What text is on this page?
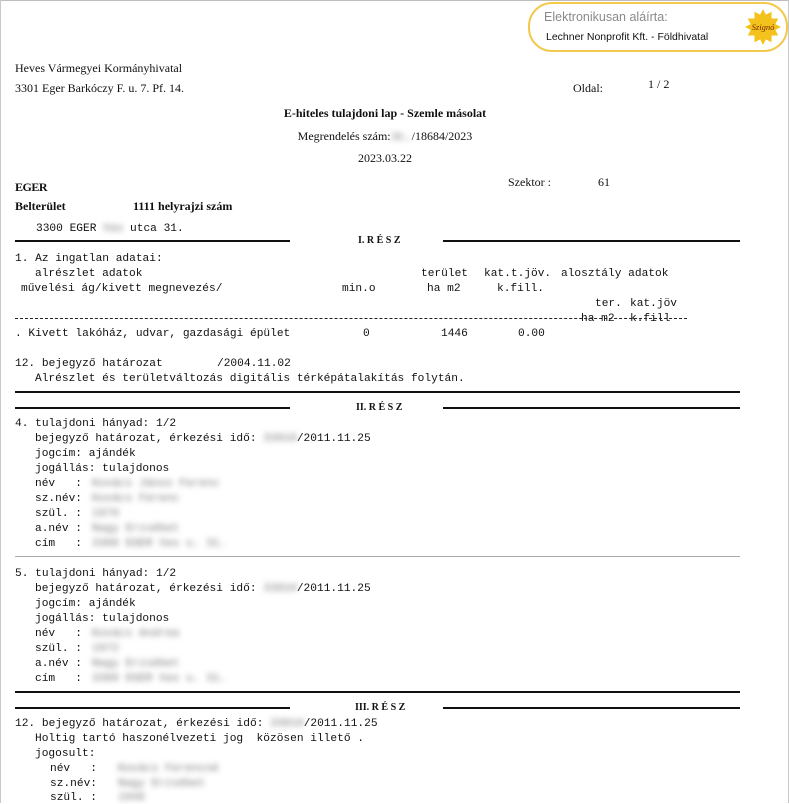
Elektronikusan aláírta:
Lechner Nonprofit Kft. - Földhivatal
Szignó
Heves Vármegyei Kormányhivatal
3301 Eger Barkóczy F. u. 7. Pf. 14.	Oldal:	1 / 2
E-hiteles tulajdoni lap - Szemle másolat
Megrendelés szám:30.../18684/2023
2023.03.22
EGER	Szektor :	61
Belterület	1111 helyrajzi szám
3300 EGER Vas utca 31.
I. R É S Z
1. Az ingatlan adatai:
alrészlet adatok	terület kat.t.jöv. alosztály adatok
művelési ág/kivett megnevezés/	min.o	ha m2	k.fill.
ter. kat.jöv
ha m2 k.fill
. Kivett lakóház, udvar, gazdasági épület	0	1446	0.00
12. bejegyző határozat	/2004.11.02
Alrészlet és területváltozás digitális térképátalakítás folytán.
II. R É S Z
4. tulajdoni hányad: 1/2
bejegyző határozat, érkezési idő: 33910/2011.11.25
jogcím: ajándék
jogállás: tulajdonos
név   : Kovács János Ferenc
sz.név: Kovács Ferenc
szül. : 1970
a.név : Nagy Erzsébet
cím   : 3300 EGER Vas u. 31.
5. tulajdoni hányad: 1/2
bejegyző határozat, érkezési idő: 33910/2011.11.25
jogcím: ajándék
jogállás: tulajdonos
név   : Kovács Andrea
szül. : 1972
a.név : Nagy Erzsébet
cím   : 3300 EGER Vas u. 31.
III. R É S Z
12. bejegyző határozat, érkezési idő: 33910/2011.11.25
Holtig tartó haszonélvezeti jog  közösen illető .
jogosult:
név   : Kovács Ferencné
sz.név: Nagy Erzsébet
szül. : 1948
